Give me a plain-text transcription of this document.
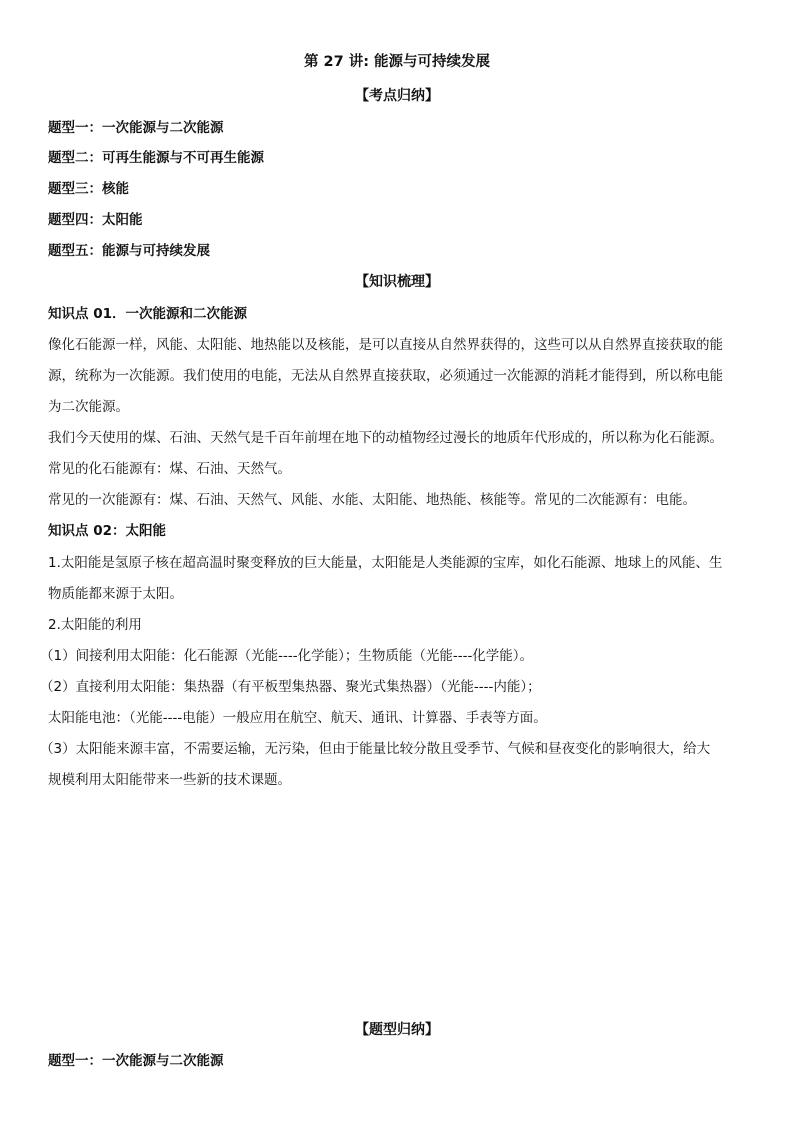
第 27 讲: 能源与可持续发展
【考点归纳】
题型一：一次能源与二次能源
题型二：可再生能源与不可再生能源
题型三：核能
题型四：太阳能
题型五：能源与可持续发展
【知识梳理】
知识点 01．一次能源和二次能源
像化石能源一样，风能、太阳能、地热能以及核能，是可以直接从自然界获得的，这些可以从自然界直接获取的能
源，统称为一次能源。我们使用的电能，无法从自然界直接获取，必须通过一次能源的消耗才能得到，所以称电能
为二次能源。
我们今天使用的煤、石油、天然气是千百年前埋在地下的动植物经过漫长的地质年代形成的，所以称为化石能源。
常见的化石能源有：煤、石油、天然气。
常见的一次能源有：煤、石油、天然气、风能、水能、太阳能、地热能、核能等。常见的二次能源有：电能。
知识点 02：太阳能
1.太阳能是氢原子核在超高温时聚变释放的巨大能量，太阳能是人类能源的宝库，如化石能源、地球上的风能、生
物质能都来源于太阳。
2.太阳能的利用
（1）间接利用太阳能：化石能源（光能----化学能）；生物质能（光能----化学能）。
（2）直接利用太阳能：集热器（有平板型集热器、聚光式集热器）（光能----内能）；
太阳能电池：（光能----电能）一般应用在航空、航天、通讯、计算器、手表等方面。
（3）太阳能来源丰富，不需要运输，无污染，但由于能量比较分散且受季节、气候和昼夜变化的影响很大，给大
规模利用太阳能带来一些新的技术课题。
【题型归纳】
题型一：一次能源与二次能源
